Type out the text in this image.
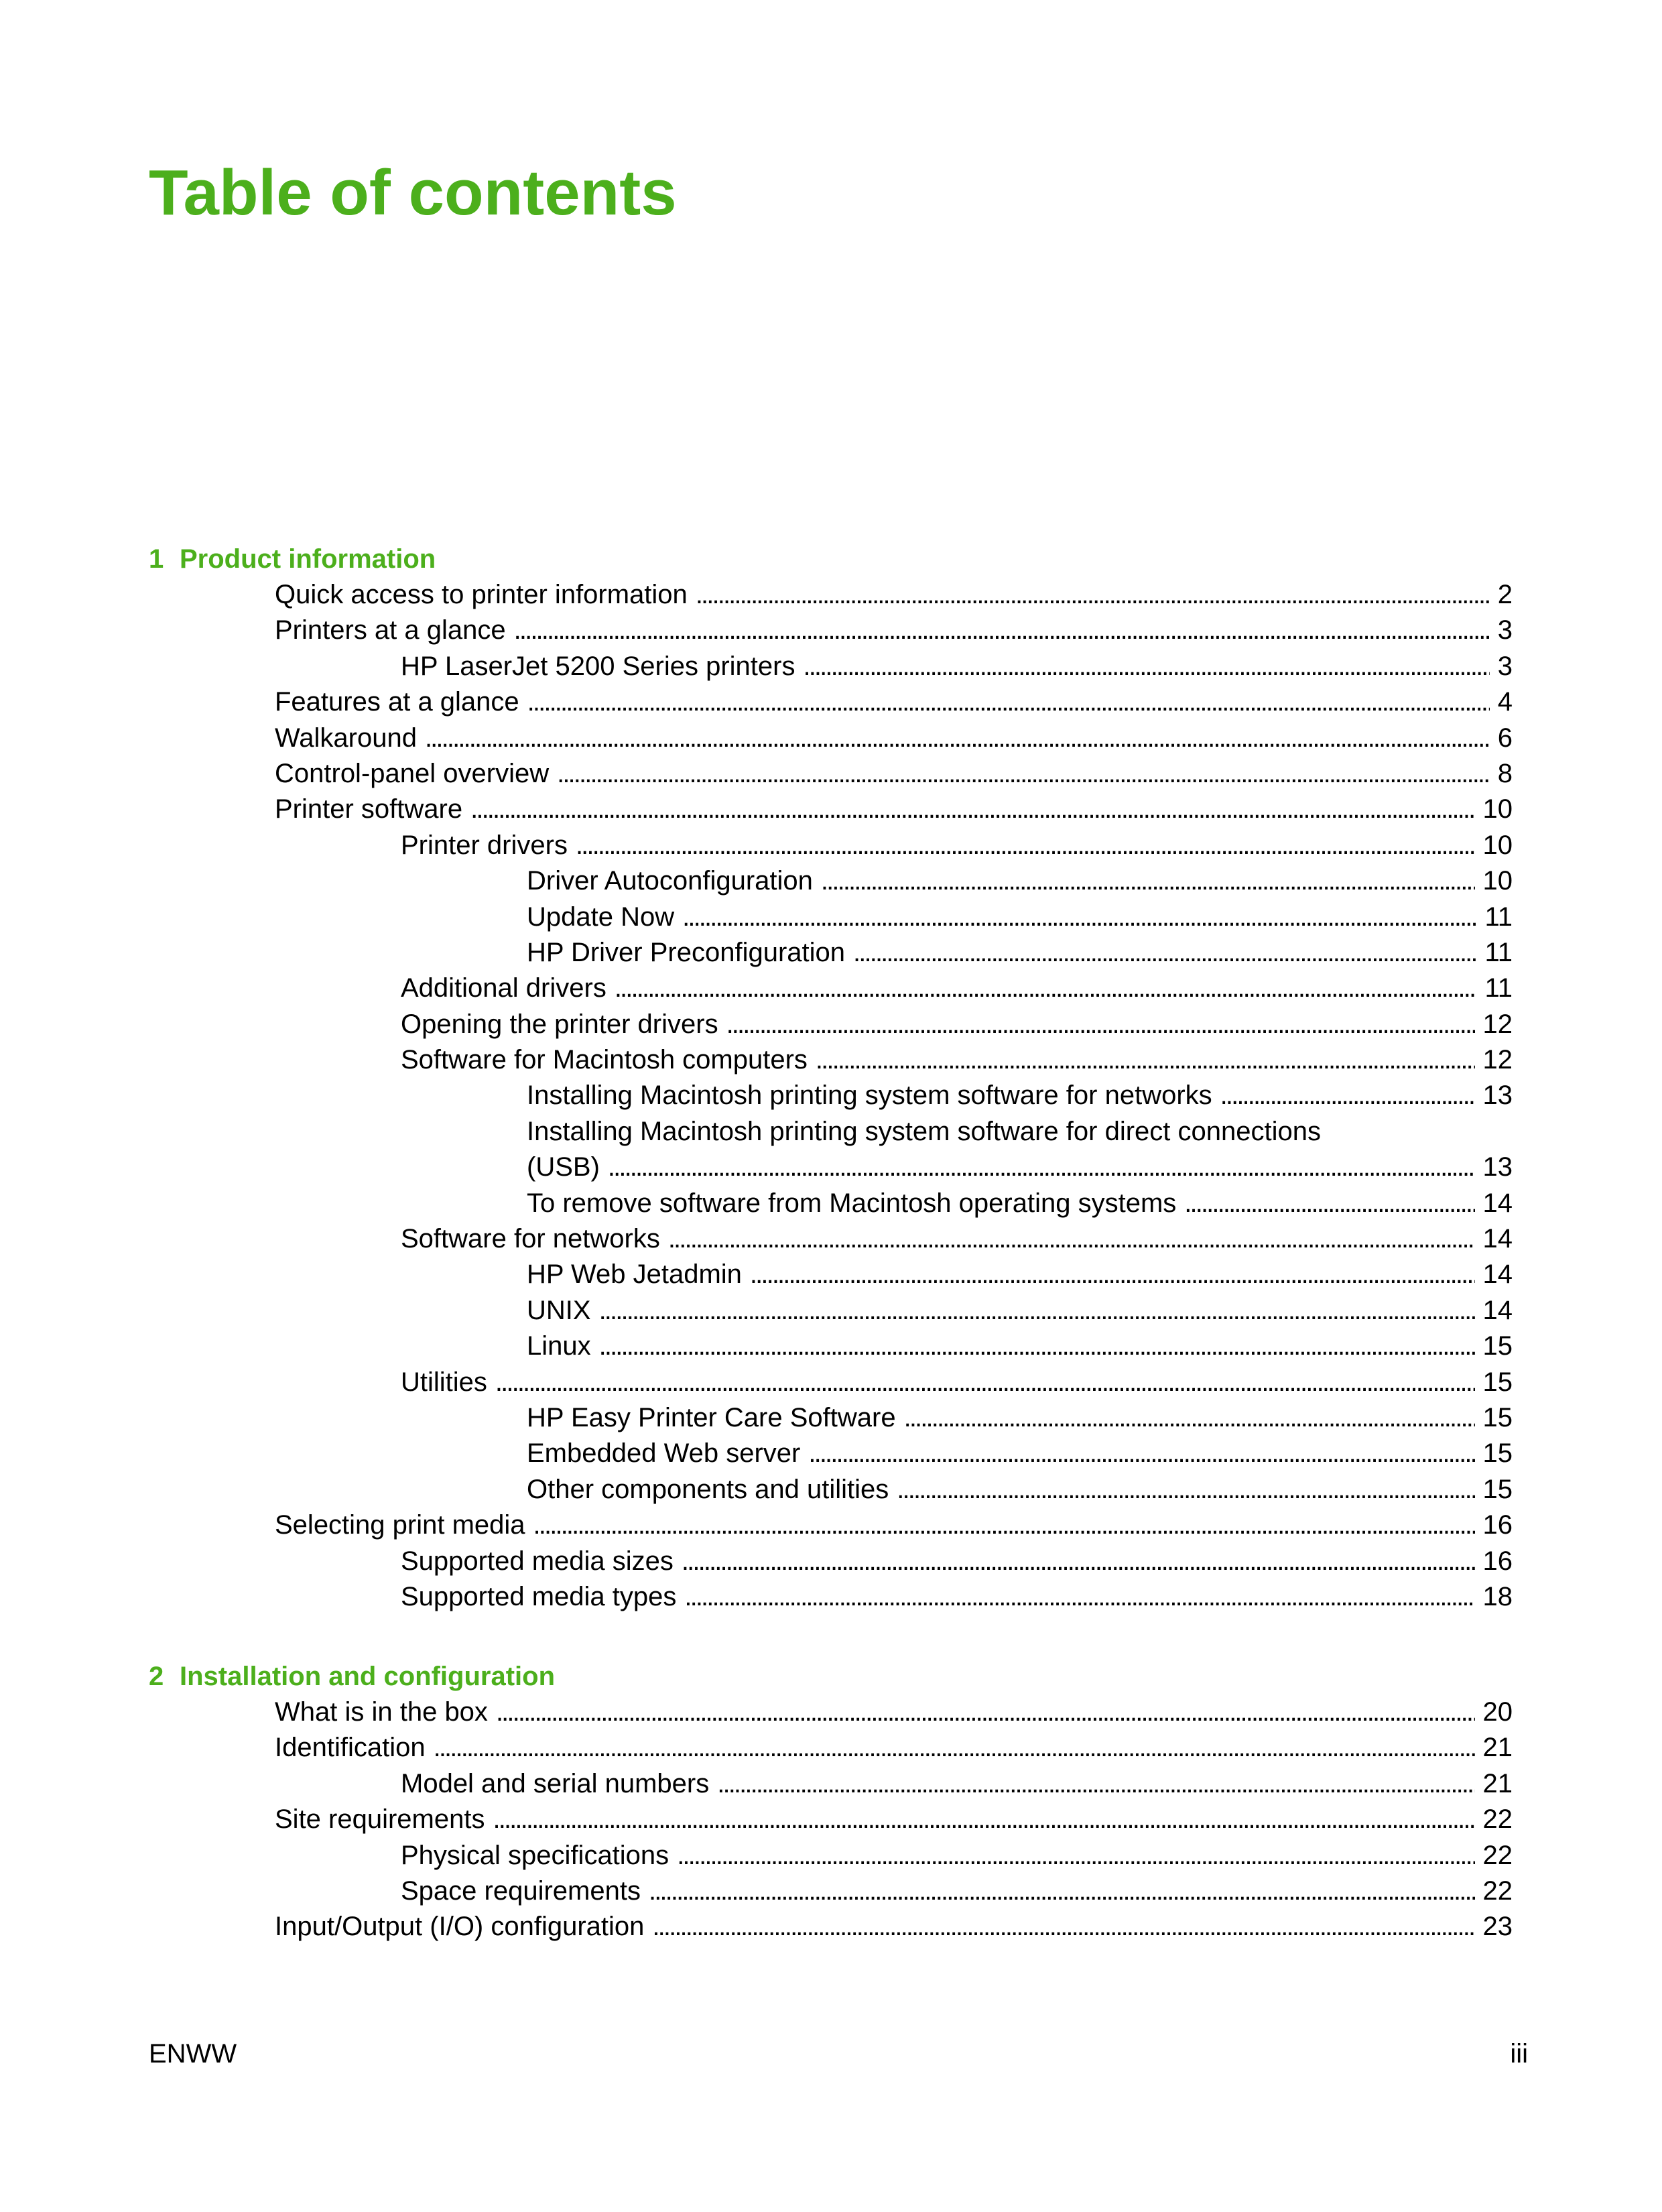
Table of contents
1 Product information
Quick access to printer information . . .	2
Printers at a glance . . .	3
HP LaserJet 5200 Series printers . . .	3
Features at a glance . . .	4
Walkaround . . .	6
Control-panel overview . . .	8
Printer software . . .	10
Printer drivers . . .	10
Driver Autoconfiguration . . .	10
Update Now . . .	11
HP Driver Preconfiguration . . .	11
Additional drivers . . .	11
Opening the printer drivers . . .	12
Software for Macintosh computers . . .	12
Installing Macintosh printing system software for networks . . .	13
Installing Macintosh printing system software for direct connections
(USB) . . .	13
To remove software from Macintosh operating systems . . .	14
Software for networks . . .	14
HP Web Jetadmin . . .	14
UNIX . . .	14
Linux . . .	15
Utilities . . .	15
HP Easy Printer Care Software . . .	15
Embedded Web server . . .	15
Other components and utilities . . .	15
Selecting print media . . .	16
Supported media sizes . . .	16
Supported media types . . .	18
2 Installation and configuration
What is in the box . . .	20
Identification . . .	21
Model and serial numbers . . .	21
Site requirements . . .	22
Physical specifications . . .	22
Space requirements . . .	22
Input/Output (I/O) configuration . . .	23
ENWW	iii
